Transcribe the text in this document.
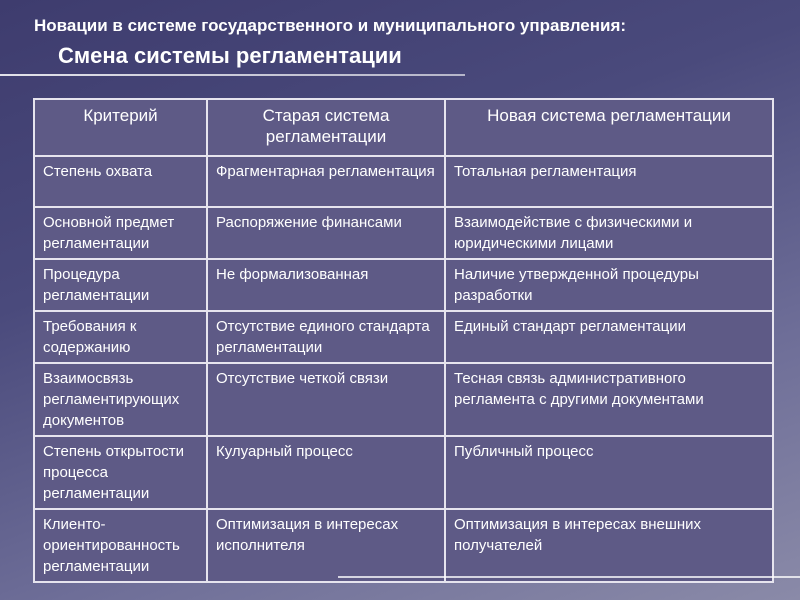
Новации в системе государственного и муниципального управления:
Смена системы регламентации
Критерий	Старая система регламентации	Новая система регламентации
Степень охвата	Фрагментарная регламентация	Тотальная регламентация
Основной предмет регламентации	Распоряжение финансами	Взаимодействие с физическими и юридическими лицами
Процедура регламентации	Не формализованная	Наличие утвержденной процедуры разработки
Требования к содержанию	Отсутствие единого стандарта регламентации	Единый стандарт регламентации
Взаимосвязь регламентирующих документов	Отсутствие четкой связи	Тесная связь административного регламента с другими документами
Степень открытости процесса регламентации	Кулуарный процесс	Публичный процесс
Клиенто-ориентированность регламентации	Оптимизация в интересах исполнителя	Оптимизация в интересах внешних получателей
